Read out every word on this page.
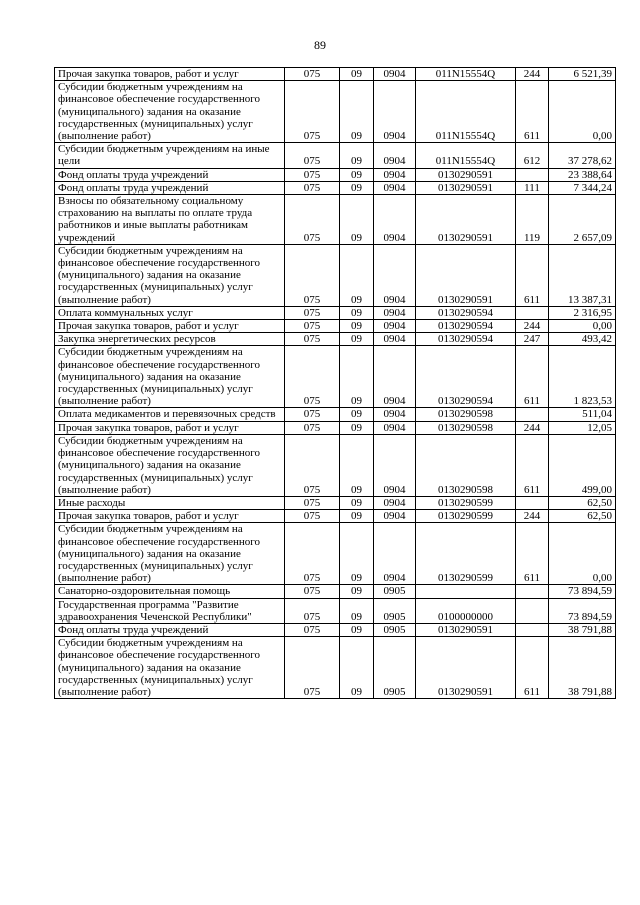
89
Прочая закупка товаров, работ и услуг	075	09	0904	011N15554Q	244	6 521,39
Субсидии бюджетным учреждениям на финансовое обеспечение государственного (муниципального) задания на оказание государственных (муниципальных) услуг (выполнение работ)	075	09	0904	011N15554Q	611	0,00
Субсидии бюджетным учреждениям на иные цели	075	09	0904	011N15554Q	612	37 278,62
Фонд оплаты труда учреждений	075	09	0904	0130290591		23 388,64
Фонд оплаты труда учреждений	075	09	0904	0130290591	111	7 344,24
Взносы по обязательному социальному страхованию на выплаты по оплате труда работников и иные выплаты работникам учреждений	075	09	0904	0130290591	119	2 657,09
Субсидии бюджетным учреждениям на финансовое обеспечение государственного (муниципального) задания на оказание государственных (муниципальных) услуг (выполнение работ)	075	09	0904	0130290591	611	13 387,31
Оплата коммунальных услуг	075	09	0904	0130290594		2 316,95
Прочая закупка товаров, работ и услуг	075	09	0904	0130290594	244	0,00
Закупка энергетических ресурсов	075	09	0904	0130290594	247	493,42
Субсидии бюджетным учреждениям на финансовое обеспечение государственного (муниципального) задания на оказание государственных (муниципальных) услуг (выполнение работ)	075	09	0904	0130290594	611	1 823,53
Оплата медикаментов и перевязочных средств	075	09	0904	0130290598		511,04
Прочая закупка товаров, работ и услуг	075	09	0904	0130290598	244	12,05
Субсидии бюджетным учреждениям на финансовое обеспечение государственного (муниципального) задания на оказание государственных (муниципальных) услуг (выполнение работ)	075	09	0904	0130290598	611	499,00
Иные расходы	075	09	0904	0130290599		62,50
Прочая закупка товаров, работ и услуг	075	09	0904	0130290599	244	62,50
Субсидии бюджетным учреждениям на финансовое обеспечение государственного (муниципального) задания на оказание государственных (муниципальных) услуг (выполнение работ)	075	09	0904	0130290599	611	0,00
Санаторно-оздоровительная помощь	075	09	0905			73 894,59
Государственная программа "Развитие здравоохранения Чеченской Республики"	075	09	0905	0100000000		73 894,59
Фонд оплаты труда учреждений	075	09	0905	0130290591		38 791,88
Субсидии бюджетным учреждениям на финансовое обеспечение государственного (муниципального) задания на оказание государственных (муниципальных) услуг (выполнение работ)	075	09	0905	0130290591	611	38 791,88
